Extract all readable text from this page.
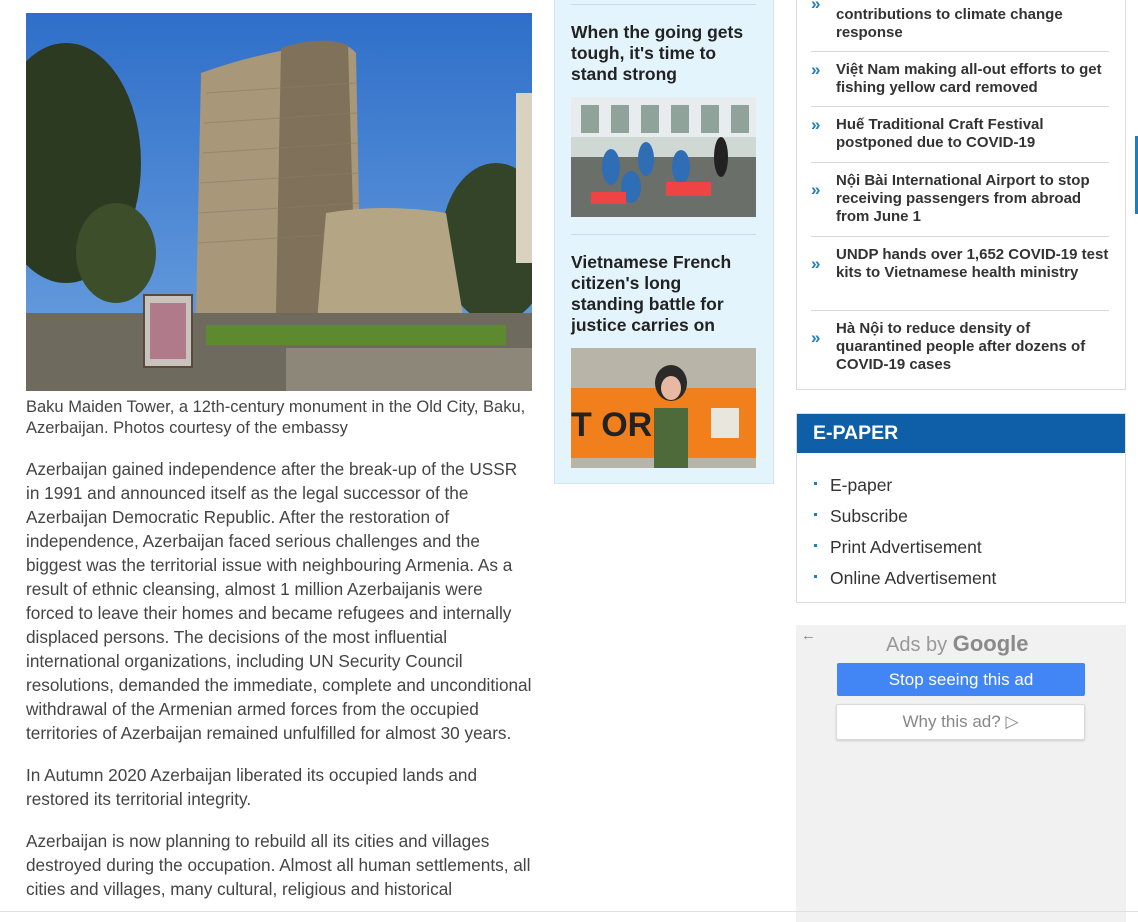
Baku Maiden Tower, a 12th-century monument in the Old City, Baku, Azerbaijan. Photos courtesy of the embassy

Azerbaijan gained independence after the break-up of the USSR in 1991 and announced itself as the legal successor of the Azerbaijan Democratic Republic. After the restoration of independence, Azerbaijan faced serious challenges and the biggest was the territorial issue with neighbouring Armenia. As a result of ethnic cleansing, almost 1 million Azerbaijanis were forced to leave their homes and became refugees and internally displaced persons. The decisions of the most influential international organizations, including UN Security Council resolutions, demanded the immediate, complete and unconditional withdrawal of the Armenian armed forces from the occupied territories of Azerbaijan remained unfulfilled for almost 30 years.

In Autumn 2020 Azerbaijan liberated its occupied lands and restored its territorial integrity.

Azerbaijan is now planning to rebuild all its cities and villages destroyed during the occupation. Almost all human settlements, all cities and villages, many cultural, religious and historical

When the going gets tough, it's time to stand strong
Vietnamese French citizen's long standing battle for justice carries on
T OR
»
contributions to climate change response
» Việt Nam making all-out efforts to get fishing yellow card removed
» Huế Traditional Craft Festival postponed due to COVID-19
» Nội Bài International Airport to stop receiving passengers from abroad from June 1
» UNDP hands over 1,652 COVID-19 test kits to Vietnamese health ministry
» Hà Nội to reduce density of quarantined people after dozens of COVID-19 cases
E-PAPER
E-paper
Subscribe
Print Advertisement
Online Advertisement
←	Ads by Google
Stop seeing this ad
Why this ad? ▷
